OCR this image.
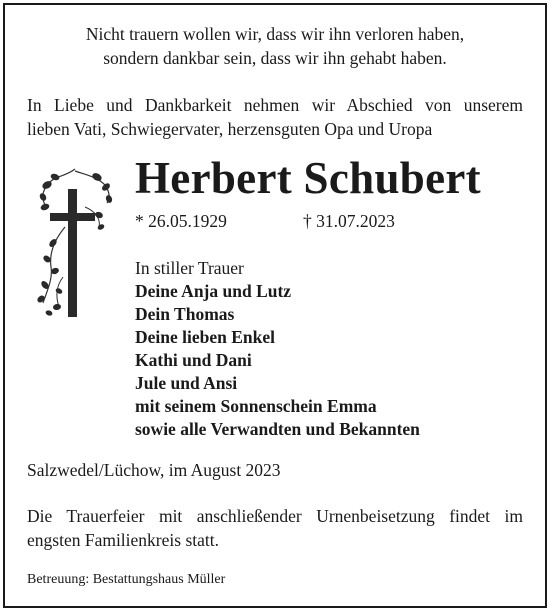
Nicht trauern wollen wir, dass wir ihn verloren haben,
sondern dankbar sein, dass wir ihn gehabt haben.
In Liebe und Dankbarkeit nehmen wir Abschied von unserem
lieben Vati, Schwiegervater, herzensguten Opa und Uropa
Herbert Schubert
* 26.05.1929	† 31.07.2023
In stiller Trauer
Deine Anja und Lutz
Dein Thomas
Deine lieben Enkel
Kathi und Dani
Jule und Ansi
mit seinem Sonnenschein Emma
sowie alle Verwandten und Bekannten
Salzwedel/Lüchow, im August 2023
Die Trauerfeier mit anschließender Urnenbeisetzung findet im
engsten Familienkreis statt.
Betreuung: Bestattungshaus Müller
